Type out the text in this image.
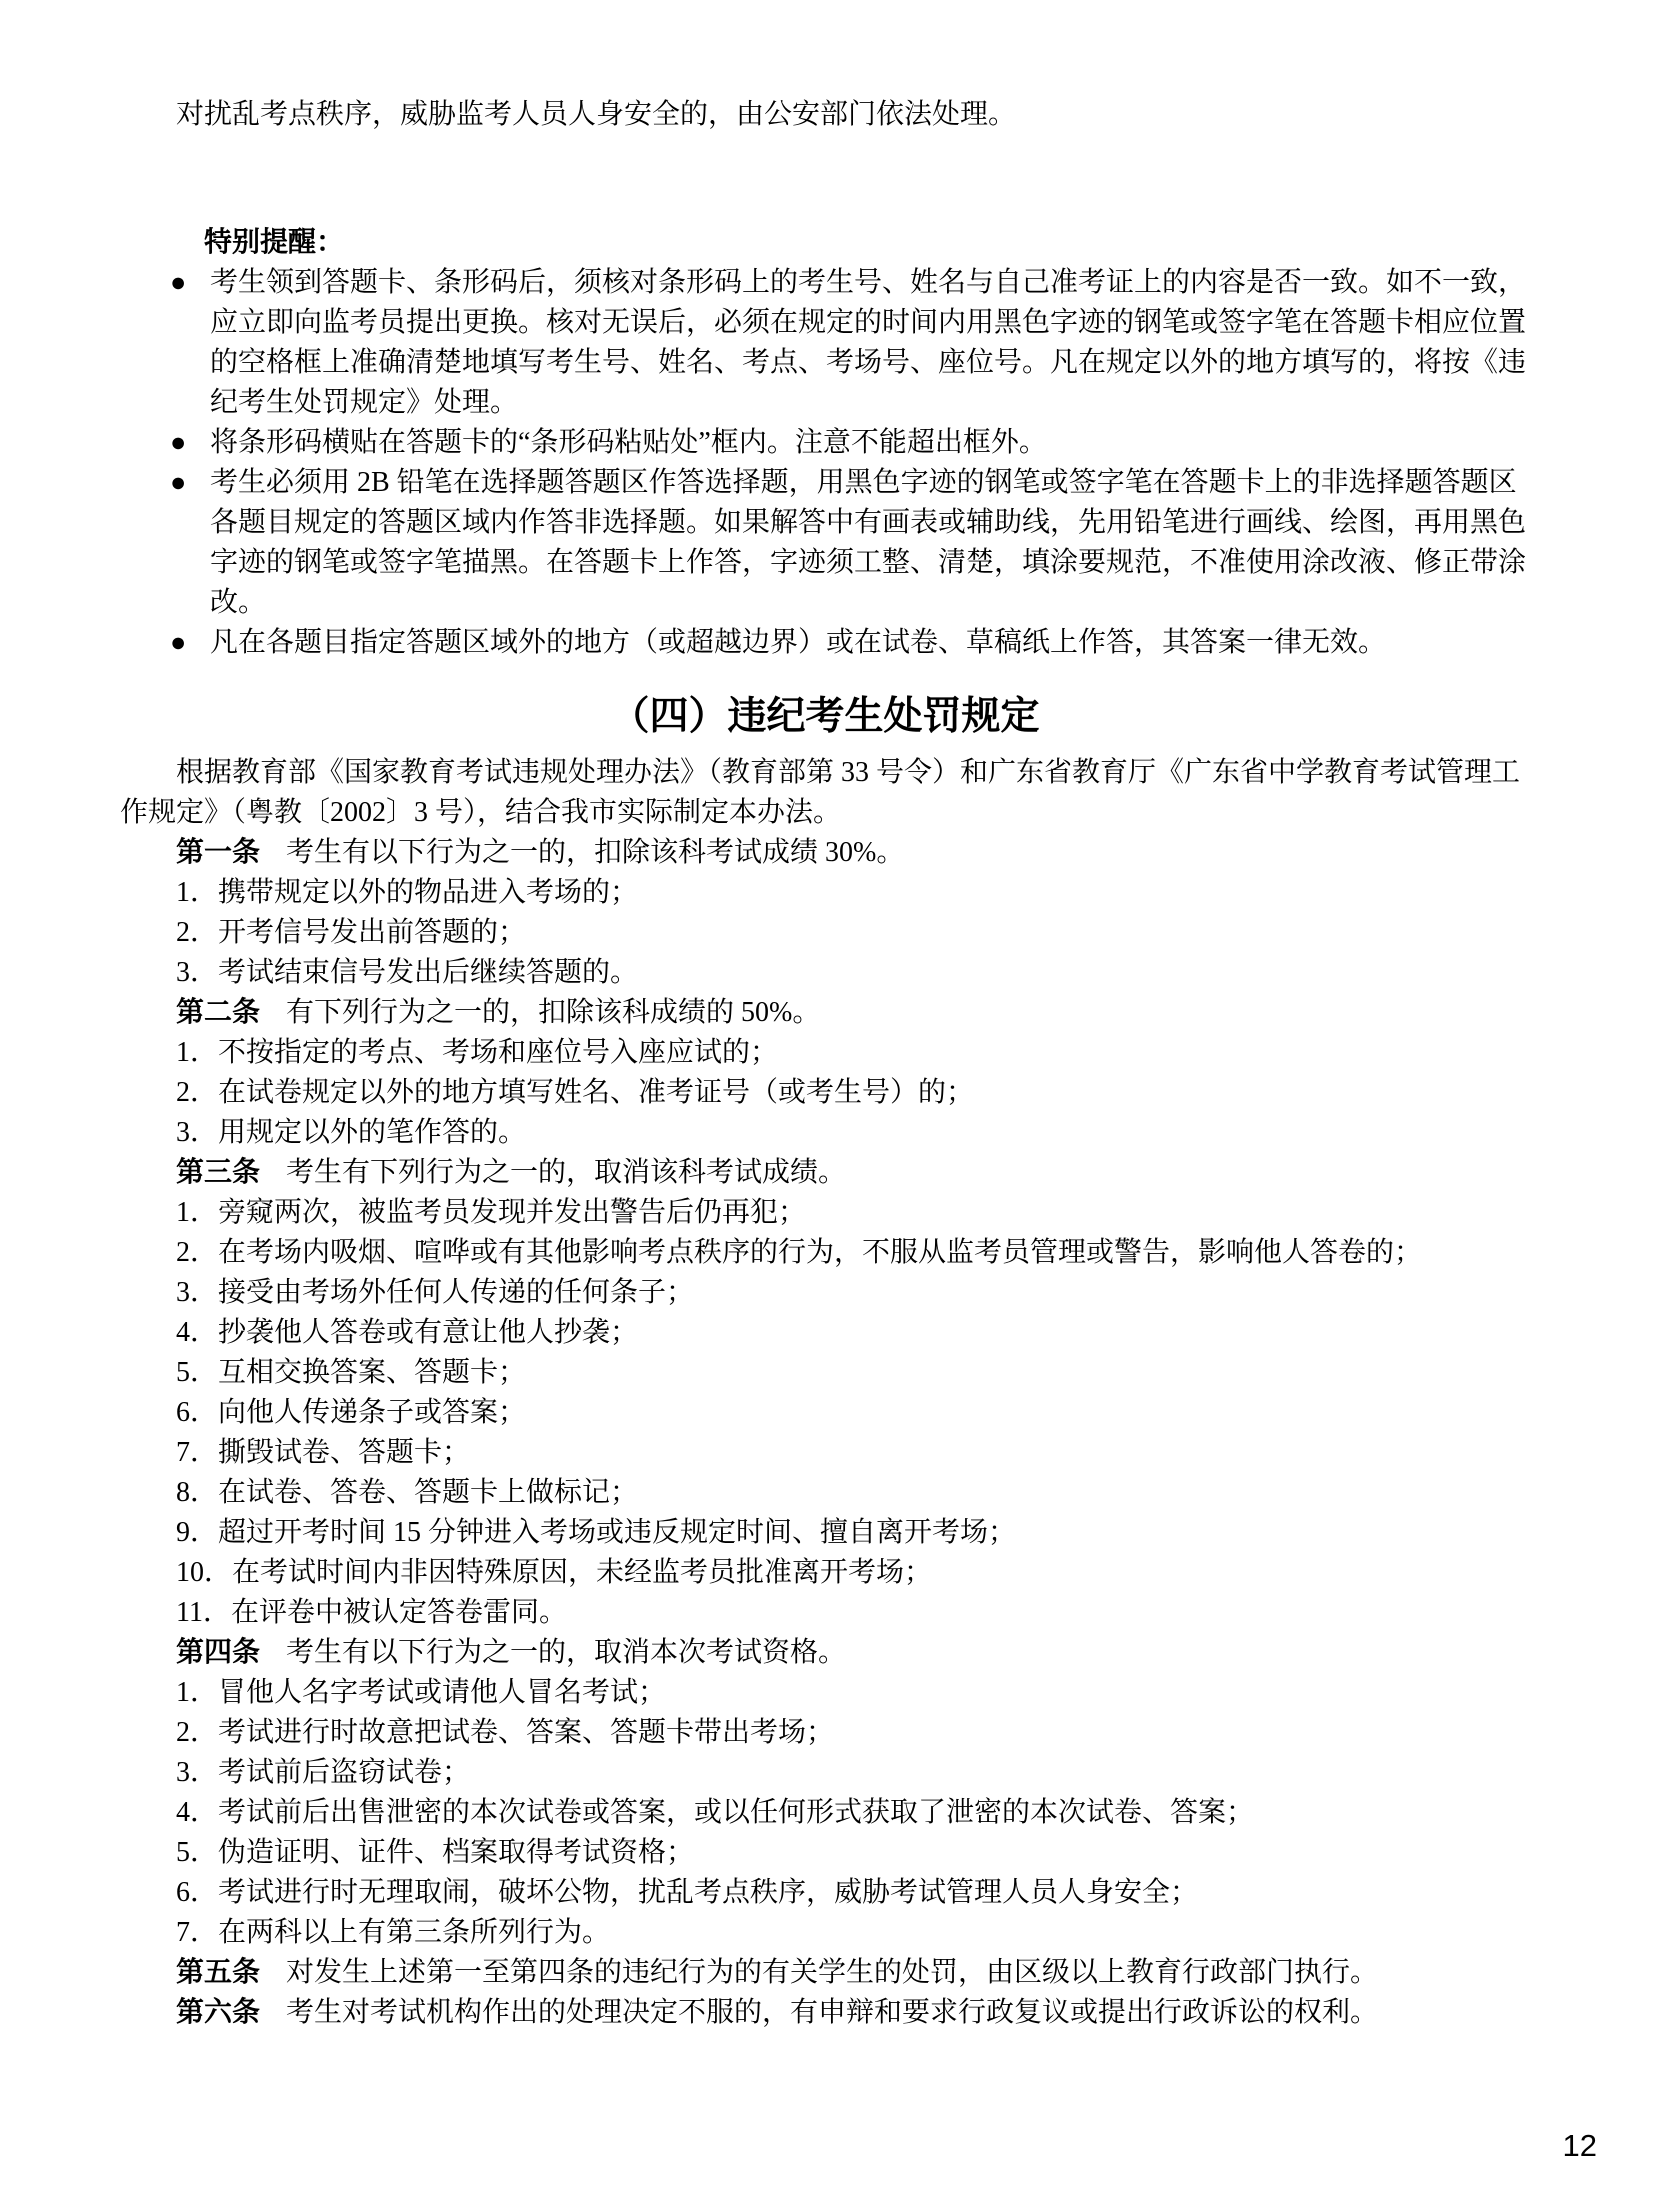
对扰乱考点秩序，威胁监考人员人身安全的，由公安部门依法处理。

特别提醒：

● 考生领到答题卡、条形码后，须核对条形码上的考生号、姓名与自己准考证上的内容是否一致。如不一致，应立即向监考员提出更换。核对无误后，必须在规定的时间内用黑色字迹的钢笔或签字笔在答题卡相应位置的空格框上准确清楚地填写考生号、姓名、考点、考场号、座位号。凡在规定以外的地方填写的，将按《违纪考生处罚规定》处理。

● 将条形码横贴在答题卡的“条形码粘贴处”框内。注意不能超出框外。

● 考生必须用 2B 铅笔在选择题答题区作答选择题，用黑色字迹的钢笔或签字笔在答题卡上的非选择题答题区各题目规定的答题区域内作答非选择题。如果解答中有画表或辅助线，先用铅笔进行画线、绘图，再用黑色字迹的钢笔或签字笔描黑。在答题卡上作答，字迹须工整、清楚，填涂要规范，不准使用涂改液、修正带涂改。

● 凡在各题目指定答题区域外的地方（或超越边界）或在试卷、草稿纸上作答，其答案一律无效。

（四）违纪考生处罚规定

根据教育部《国家教育考试违规处理办法》（教育部第 33 号令）和广东省教育厅《广东省中学教育考试管理工作规定》（粤教〔2002〕3 号），结合我市实际制定本办法。

第一条 考生有以下行为之一的，扣除该科考试成绩 30%。

1．携带规定以外的物品进入考场的；

2．开考信号发出前答题的；

3．考试结束信号发出后继续答题的。

第二条 有下列行为之一的，扣除该科成绩的 50%。

1．不按指定的考点、考场和座位号入座应试的；

2．在试卷规定以外的地方填写姓名、准考证号（或考生号）的；

3．用规定以外的笔作答的。

第三条 考生有下列行为之一的，取消该科考试成绩。

1．旁窥两次，被监考员发现并发出警告后仍再犯；

2．在考场内吸烟、喧哗或有其他影响考点秩序的行为，不服从监考员管理或警告，影响他人答卷的；

3．接受由考场外任何人传递的任何条子；

4．抄袭他人答卷或有意让他人抄袭；

5．互相交换答案、答题卡；

6．向他人传递条子或答案；

7．撕毁试卷、答题卡；

8．在试卷、答卷、答题卡上做标记；

9．超过开考时间 15 分钟进入考场或违反规定时间、擅自离开考场；

10．在考试时间内非因特殊原因，未经监考员批准离开考场；

11．在评卷中被认定答卷雷同。

第四条 考生有以下行为之一的，取消本次考试资格。

1．冒他人名字考试或请他人冒名考试；

2．考试进行时故意把试卷、答案、答题卡带出考场；

3．考试前后盗窃试卷；

4．考试前后出售泄密的本次试卷或答案，或以任何形式获取了泄密的本次试卷、答案；

5．伪造证明、证件、档案取得考试资格；

6．考试进行时无理取闹，破坏公物，扰乱考点秩序，威胁考试管理人员人身安全；

7．在两科以上有第三条所列行为。

第五条 对发生上述第一至第四条的违纪行为的有关学生的处罚，由区级以上教育行政部门执行。

第六条 考生对考试机构作出的处理决定不服的，有申辩和要求行政复议或提出行政诉讼的权利。

12
